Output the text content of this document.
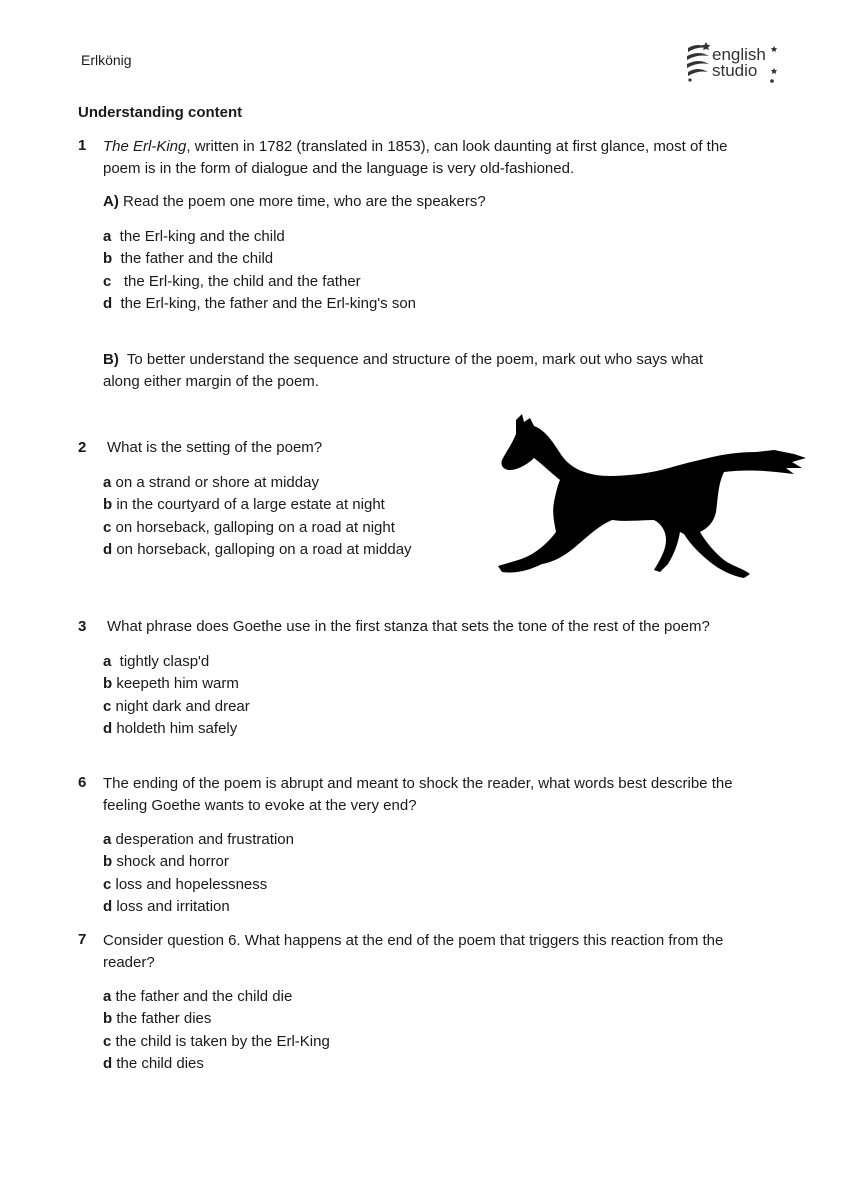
Erlkönig	english
studio
Understanding content
1 The Erl-King, written in 1782 (translated in 1853), can look daunting at first glance, most of the
poem is in the form of dialogue and the language is very old-fashioned.
A) Read the poem one more time, who are the speakers?
a  the Erl-king and the child
b  the father and the child
c   the Erl-king, the child and the father
d  the Erl-king, the father and the Erl-king's son
B)  To better understand the sequence and structure of the poem, mark out who says what
along either margin of the poem.
2 What is the setting of the poem?
a on a strand or shore at midday
b in the courtyard of a large estate at night
c on horseback, galloping on a road at night
d on horseback, galloping on a road at midday
3 What phrase does Goethe use in the first stanza that sets the tone of the rest of the poem?
a  tightly clasp'd
b keepeth him warm
c night dark and drear
d holdeth him safely
6 The ending of the poem is abrupt and meant to shock the reader, what words best describe the
feeling Goethe wants to evoke at the very end?
a desperation and frustration
b shock and horror
c loss and hopelessness
d loss and irritation
7 Consider question 6. What happens at the end of the poem that triggers this reaction from the
reader?
a the father and the child die
b the father dies
c the child is taken by the Erl-King
d the child dies
